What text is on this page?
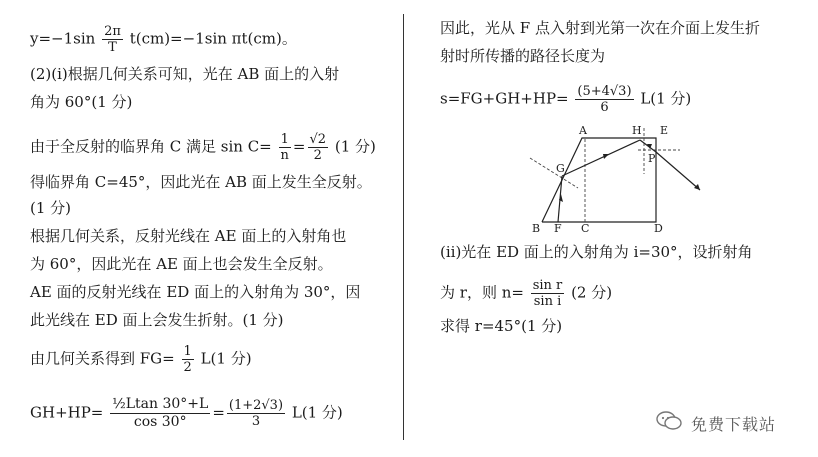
$y=-1\sin \frac{2\pi}{T} t(cm)=-1\sin$ πt(cm)。
(2)(ⅰ)根据几何关系可知，光在 AB 面上的入射
角为 60°(1 分)
由于全反射的临界角 C 满足 $\sin C= \frac{1}{n} = \frac{√2}{2} (1$ 分)
得临界角 C=45°，因此光在 AB 面上发生全反射。
(1 分)
根据几何关系，反射光线在 AE 面上的入射角也
为 60°，因此光在 AE 面上也会发生全反射。
AE 面的反射光线在 ED 面上的入射角为 30°，因
此光线在 ED 面上会发生折射。(1 分)
由几何关系得到 $FG= \frac{1}{2} L(1$ 分)
$GH+HP= \frac{\text{½Ltan 30°+L}}{\cos 30^\circ} = \frac{(1+2√3)}{3} L(1$ 分)
因此，光从 F 点入射到光第一次在介面上发生折
射时所传播的路径长度为
$s=FG+GH+HP= \frac{(5+4√3)}{6} L(1$ 分)
(ⅱ)光在 ED 面上的入射角为 i=30°，设折射角
为 r，则 $n= \frac{\text{sin r}}{\text{sin i}} (2$ 分)
求得 r=45°(1 分)
A	H E
G
P
B F C	D
免费下载站
